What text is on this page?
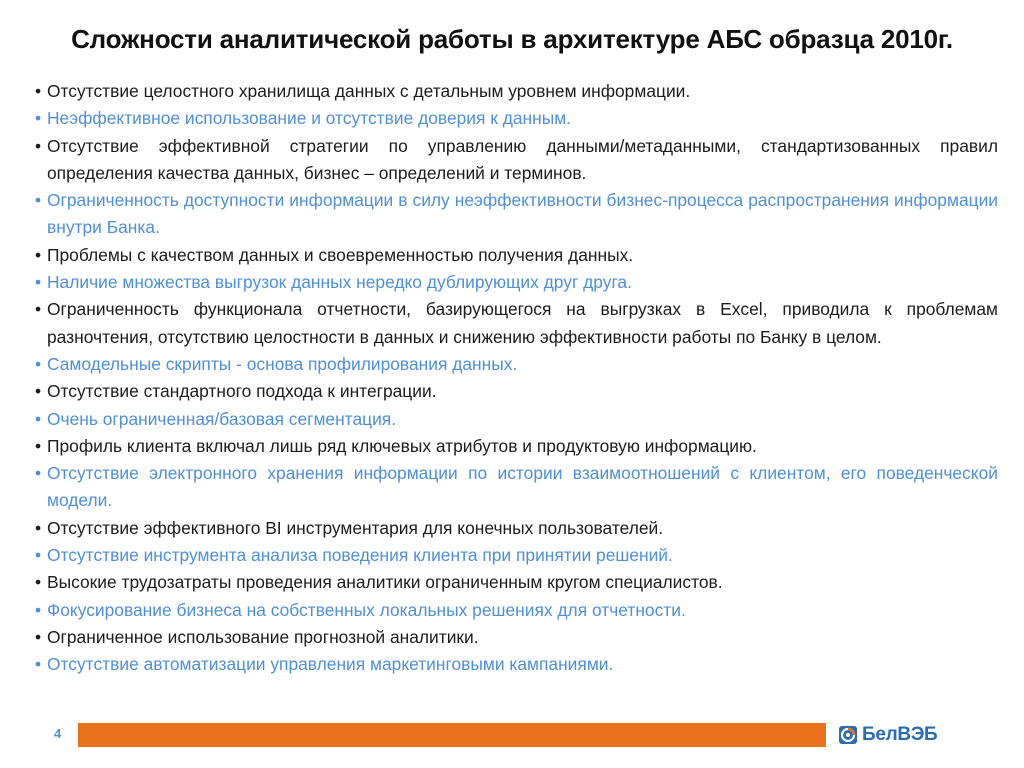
Сложности аналитической работы в архитектуре АБС образца 2010г.
• Отсутствие целостного хранилища данных с детальным уровнем информации.
• Неэффективное использование и отсутствие доверия к данным.
• Отсутствие эффективной стратегии по управлению данными/метаданными, стандартизованных правил определения качества данных, бизнес – определений и терминов.
• Ограниченность доступности информации в силу неэффективности бизнес-процесса распространения информации внутри Банка.
• Проблемы с качеством данных и своевременностью получения данных.
• Наличие множества выгрузок данных нередко дублирующих друг друга.
• Ограниченность функционала отчетности, базирующегося на выгрузках в Excel, приводила к проблемам разночтения, отсутствию целостности в данных и снижению эффективности работы по Банку в целом.
• Самодельные скрипты - основа профилирования данных.
• Отсутствие стандартного подхода к интеграции.
• Очень ограниченная/базовая сегментация.
• Профиль клиента включал лишь ряд ключевых атрибутов и продуктовую информацию.
• Отсутствие электронного хранения информации по истории взаимоотношений с клиентом, его поведенческой модели.
• Отсутствие эффективного BI инструментария для конечных пользователей.
• Отсутствие инструмента анализа поведения клиента при принятии решений.
• Высокие трудозатраты проведения аналитики ограниченным кругом специалистов.
• Фокусирование бизнеса на собственных локальных решениях для отчетности.
• Ограниченное использование прогнозной аналитики.
• Отсутствие автоматизации управления маркетинговыми кампаниями.
4	БелВЭБ
